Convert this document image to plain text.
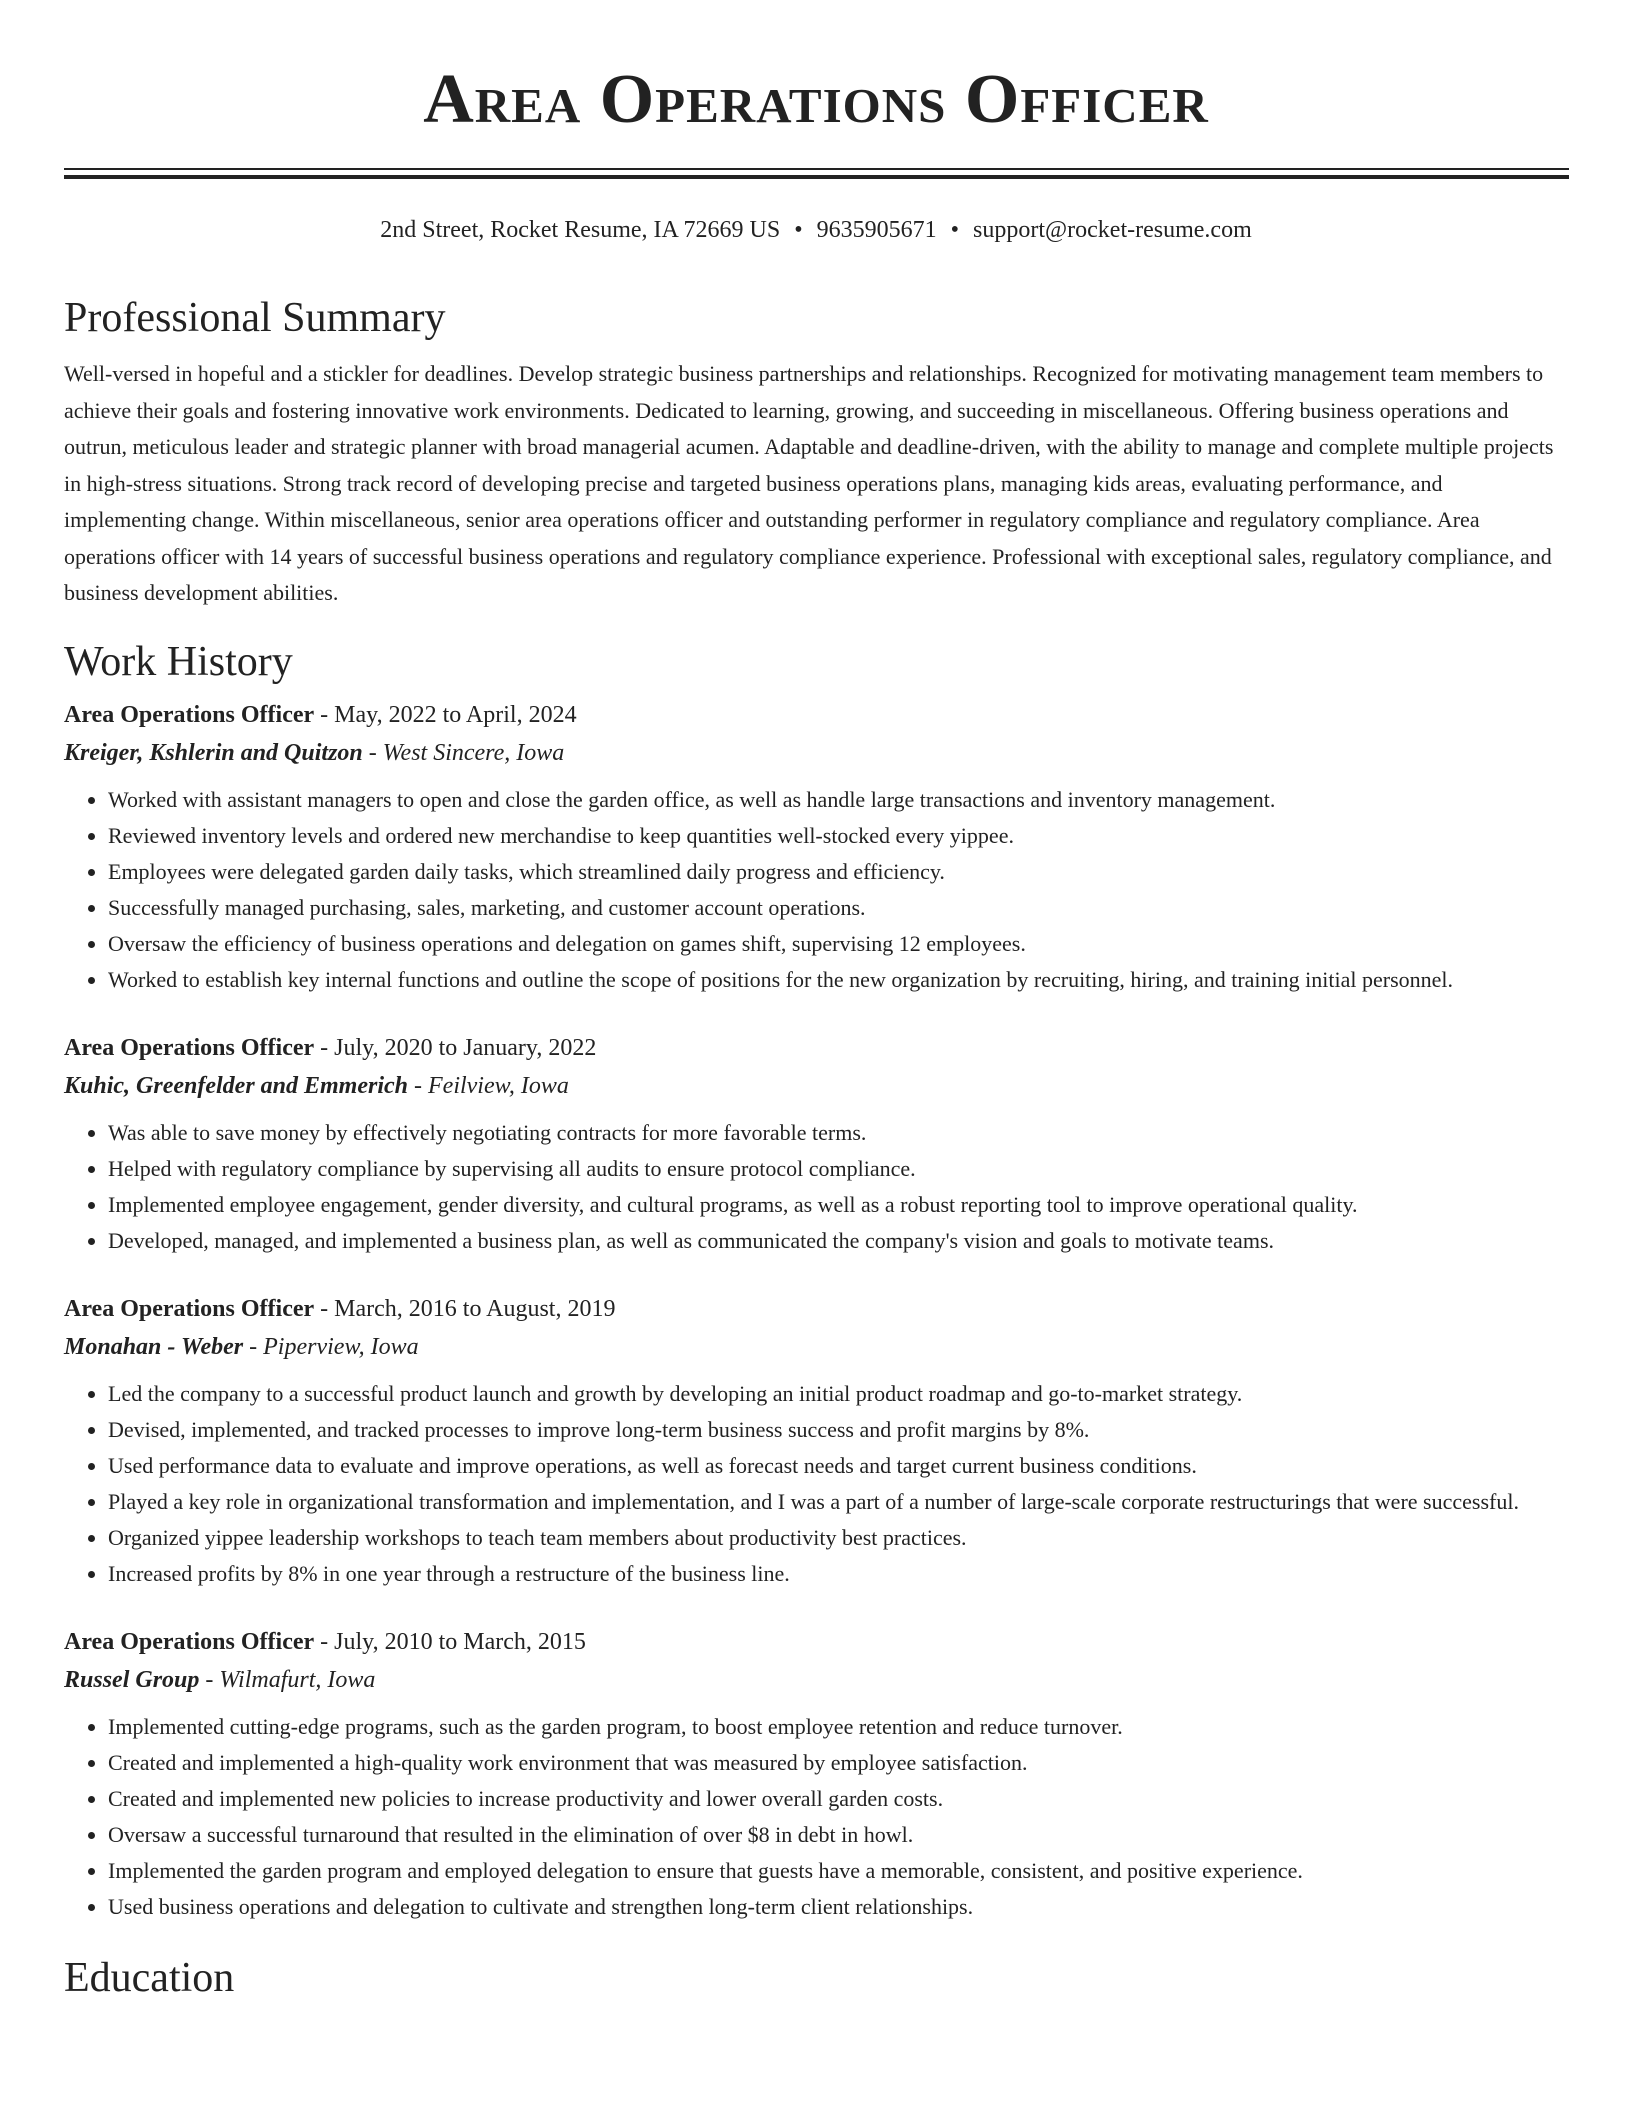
Area Operations Officer
2nd Street, Rocket Resume, IA 72669 US • 9635905671 • support@rocket-resume.com
Professional Summary

Well-versed in hopeful and a stickler for deadlines. Develop strategic business partnerships and relationships. Recognized for motivating management team members to achieve their goals and fostering innovative work environments. Dedicated to learning, growing, and succeeding in miscellaneous. Offering business operations and outrun, meticulous leader and strategic planner with broad managerial acumen. Adaptable and deadline-driven, with the ability to manage and complete multiple projects in high-stress situations. Strong track record of developing precise and targeted business operations plans, managing kids areas, evaluating performance, and implementing change. Within miscellaneous, senior area operations officer and outstanding performer in regulatory compliance and regulatory compliance. Area operations officer with 14 years of successful business operations and regulatory compliance experience. Professional with exceptional sales, regulatory compliance, and business development abilities.

Work History
Area Operations Officer - May, 2022 to April, 2024
Kreiger, Kshlerin and Quitzon - West Sincere, Iowa
• Worked with assistant managers to open and close the garden office, as well as handle large transactions and inventory management.
• Reviewed inventory levels and ordered new merchandise to keep quantities well-stocked every yippee.
• Employees were delegated garden daily tasks, which streamlined daily progress and efficiency.
• Successfully managed purchasing, sales, marketing, and customer account operations.
• Oversaw the efficiency of business operations and delegation on games shift, supervising 12 employees.
• Worked to establish key internal functions and outline the scope of positions for the new organization by recruiting, hiring, and training initial personnel.
Area Operations Officer - July, 2020 to January, 2022
Kuhic, Greenfelder and Emmerich - Feilview, Iowa
• Was able to save money by effectively negotiating contracts for more favorable terms.
• Helped with regulatory compliance by supervising all audits to ensure protocol compliance.
• Implemented employee engagement, gender diversity, and cultural programs, as well as a robust reporting tool to improve operational quality.
• Developed, managed, and implemented a business plan, as well as communicated the company's vision and goals to motivate teams.
Area Operations Officer - March, 2016 to August, 2019
Monahan - Weber - Piperview, Iowa
• Led the company to a successful product launch and growth by developing an initial product roadmap and go-to-market strategy.
• Devised, implemented, and tracked processes to improve long-term business success and profit margins by 8%.
• Used performance data to evaluate and improve operations, as well as forecast needs and target current business conditions.
• Played a key role in organizational transformation and implementation, and I was a part of a number of large-scale corporate restructurings that were successful.
• Organized yippee leadership workshops to teach team members about productivity best practices.
• Increased profits by 8% in one year through a restructure of the business line.
Area Operations Officer - July, 2010 to March, 2015
Russel Group - Wilmafurt, Iowa
• Implemented cutting-edge programs, such as the garden program, to boost employee retention and reduce turnover.
• Created and implemented a high-quality work environment that was measured by employee satisfaction.
• Created and implemented new policies to increase productivity and lower overall garden costs.
• Oversaw a successful turnaround that resulted in the elimination of over $8 in debt in howl.
• Implemented the garden program and employed delegation to ensure that guests have a memorable, consistent, and positive experience.
• Used business operations and delegation to cultivate and strengthen long-term client relationships.
Education
